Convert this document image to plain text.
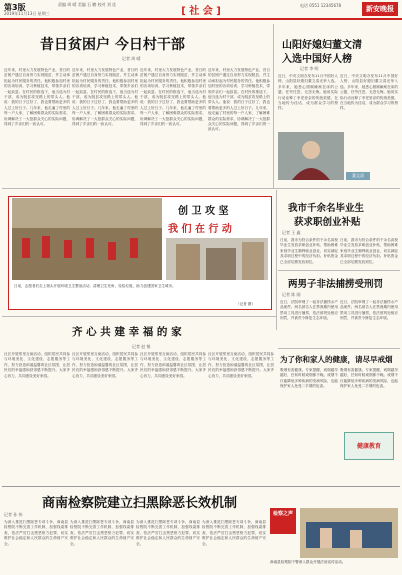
第3版
2019年11月13日 星期三
责编 周 晴 美编 石 鹏 校对 刘 佳
[ 社 会 ]
电话 0551 12345678	新安晚报
昔日贫困户 今日村干部
记者 周 晴
近年来，村里大力发展特色产业，昔日的贫困户通过自身努力实现脱贫，并主动承担起为村民服务的责任。他积极参加村里的各项培训，学习种植技术，带领乡亲们一起致富。在村民的推选下，他当选为村干部，成为脱贫攻坚路上的带头人。他说：我的日子过好了，我也要帮助更多的人过上好日子。几年来，他走遍了村里的每一户人家，了解困难群众的实际需求，协调解决了一大批群众关心的实际问题，得到了乡亲们的一致认可。
近年来，村里大力发展特色产业，昔日的贫困户通过自身努力实现脱贫，并主动承担起为村民服务的责任。他积极参加村里的各项培训，学习种植技术，带领乡亲们一起致富。在村民的推选下，他当选为村干部，成为脱贫攻坚路上的带头人。他说：我的日子过好了，我也要帮助更多的人过上好日子。几年来，他走遍了村里的每一户人家，了解困难群众的实际需求，协调解决了一大批群众关心的实际问题，得到了乡亲们的一致认可。
近年来，村里大力发展特色产业，昔日的贫困户通过自身努力实现脱贫，并主动承担起为村民服务的责任。他积极参加村里的各项培训，学习种植技术，带领乡亲们一起致富。在村民的推选下，他当选为村干部，成为脱贫攻坚路上的带头人。他说：我的日子过好了，我也要帮助更多的人过上好日子。几年来，他走遍了村里的每一户人家，了解困难群众的实际需求，协调解决了一大批群众关心的实际问题，得到了乡亲们的一致认可。
近年来，村里大力发展特色产业，昔日的贫困户通过自身努力实现脱贫，并主动承担起为村民服务的责任。他积极参加村里的各项培训，学习种植技术，带领乡亲们一起致富。在村民的推选下，他当选为村干部，成为脱贫攻坚路上的带头人。他说：我的日子过好了，我也要帮助更多的人过上好日子。几年来，他走遍了村里的每一户人家，了解困难群众的实际需求，协调解决了一大批群众关心的实际问题，得到了乡亲们的一致认可。
山阳好媳妇董文清
入选中国好人榜
记者 李 明
近日，中央文明办发布11月中国好人榜，山阳县好媳妇董文清光荣入选。多年来，她悉心照顾瘫痪在床的公婆，任劳任怨，无怨无悔。她用实际行动诠释了孝老爱亲的传统美德，在当地传为佳话，成为群众学习的榜样。
近日，中央文明办发布11月中国好人榜，山阳县好媳妇董文清光荣入选。多年来，她悉心照顾瘫痪在床的公婆，任劳任怨，无怨无悔。她用实际行动诠释了孝老爱亲的传统美德，在当地传为佳话，成为群众学习的榜样。
董文清
创 卫 攻 坚
我 们 在 行 动
日前，志愿者们走上街头开展环境卫生整治活动，清理卫生死角，捡拾垃圾，助力创建国家卫生城市。
（记者 摄）
我市千余名毕业生
获求职创业补贴
记者 王 鑫
日前，我市为符合条件的千余名高校毕业生发放求职创业补贴，帮助困难家庭毕业生顺利就业创业，切实减轻其求职过程中的经济负担。补贴资金已全部足额发放到位。
日前，我市为符合条件的千余名高校毕业生发放求职创业补贴，帮助困难家庭毕业生顺利就业创业，切实减轻其求职过程中的经济负担。补贴资金已全部足额发放到位。
两男子非法捕捞受刑罚
记者 陈 刚
近日，法院审理了一起非法捕捞水产品案件。两名被告人在禁渔期内使用禁用工具进行捕捞，依法被判处相应刑罚，并被责令修复生态环境。
近日，法院审理了一起非法捕捞水产品案件。两名被告人在禁渔期内使用禁用工具进行捕捞，依法被判处相应刑罚，并被责令修复生态环境。
齐 心 共 建 幸 福 的 家
记者 赵 敏
社区开展邻里互助活动，组织居民共同参与环境美化、文化建设、志愿服务等工作，努力营造和谐温馨的社区氛围，让居民们的幸福感和获得感不断提升。大家齐心协力，共同建设美好家园。
社区开展邻里互助活动，组织居民共同参与环境美化、文化建设、志愿服务等工作，努力营造和谐温馨的社区氛围，让居民们的幸福感和获得感不断提升。大家齐心协力，共同建设美好家园。
社区开展邻里互助活动，组织居民共同参与环境美化、文化建设、志愿服务等工作，努力营造和谐温馨的社区氛围，让居民们的幸福感和获得感不断提升。大家齐心协力，共同建设美好家园。
社区开展邻里互助活动，组织居民共同参与环境美化、文化建设、志愿服务等工作，努力营造和谐温馨的社区氛围，让居民们的幸福感和获得感不断提升。大家齐心协力，共同建设美好家园。
为了你和家人的健康，请尽早戒烟
吸烟有害健康。专家提醒，戒烟越早越好，任何时候戒烟都不晚。戒烟不仅能降低多种疾病的发病风险，也能保护家人免受二手烟的危害。
吸烟有害健康。专家提醒，戒烟越早越好，任何时候戒烟都不晚。戒烟不仅能降低多种疾病的发病风险，也能保护家人免受二手烟的危害。
健康教育
商南检察院建立扫黑除恶长效机制
记者 孙 伟
为深入推进扫黑除恶专项斗争，商南县检察院不断完善工作机制，加强线索排查，依法严厉打击黑恶势力犯罪，切实维护社会稳定和人民群众的生命财产安全。
为深入推进扫黑除恶专项斗争，商南县检察院不断完善工作机制，加强线索排查，依法严厉打击黑恶势力犯罪，切实维护社会稳定和人民群众的生命财产安全。
为深入推进扫黑除恶专项斗争，商南县检察院不断完善工作机制，加强线索排查，依法严厉打击黑恶势力犯罪，切实维护社会稳定和人民群众的生命财产安全。
为深入推进扫黑除恶专项斗争，商南县检察院不断完善工作机制，加强线索排查，依法严厉打击黑恶势力犯罪，切实维护社会稳定和人民群众的生命财产安全。
检察之声
商南县检察院干警深入群众开展法治宣传活动。
